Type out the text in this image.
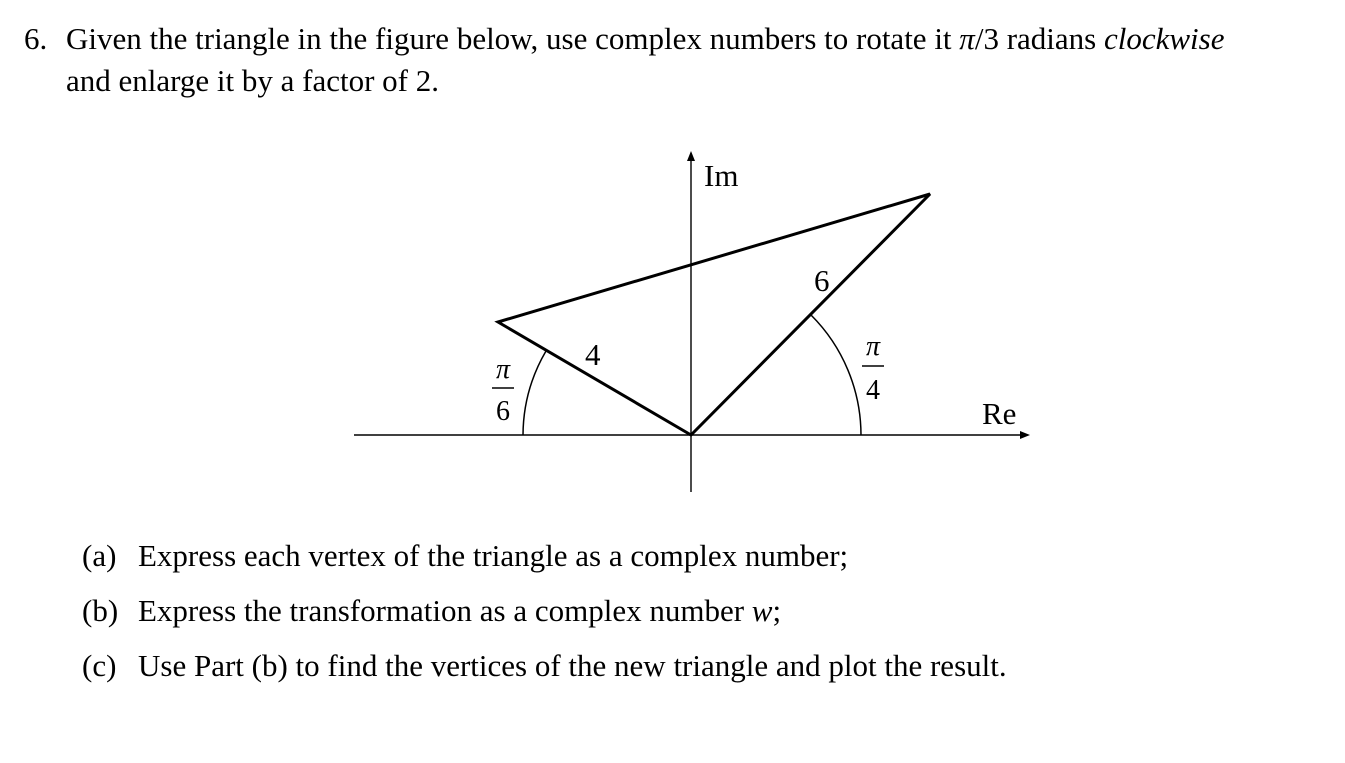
6. Given the triangle in the figure below, use complex numbers to rotate it π/3 radians clockwise
and enlarge it by a factor of 2.
Im
Re
4
6
π
6
π
4
(a) Express each vertex of the triangle as a complex number;
(b) Express the transformation as a complex number w;
(c) Use Part (b) to find the vertices of the new triangle and plot the result.
